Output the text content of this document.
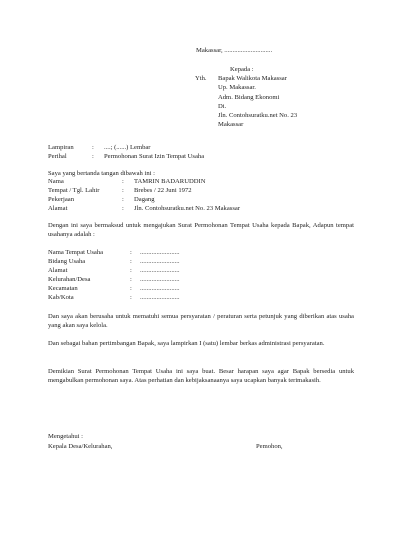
Makassar, .............................
Kepada :
Yth. Bapak Walikota Makassar
Up. Makassar.
Adm. Bidang Ekonomi
Di.
Jln. Contohsuratku.net No. 23
Makassar
Lampiran	:	....; (......) Lembar
Perihal	:	Permohonan Surat Izin Tempat Usaha
Saya yang bertanda tangan dibawah ini :
Nama	:	TAMRIN BADARUDDIN
Tempat / Tgl. Lahir	:	Brebes / 22 Juni 1972
Pekerjaan	:	Dagang
Alamat	:	Jln. Contohsuratku.net No. 23 Makassar
Dengan ini saya bermaksud untuk mengajukan Surat Permohonan Tempat Usaha kepada Bapak, Adapun tempat usahanya adalah :
Nama Tempat Usaha	:	........................
Bidang Usaha	:	........................
Alamat	:	........................
Kelurahan/Desa	:	........................
Kecamatan	:	........................
Kab/Kota	:	........................
Dan saya akan berusaha untuk mematuhi semua persyaratan / peraturan serta petunjuk yang diberikan atas usaha yang akan saya kelola.
Dan sebagai bahan pertimbangan Bapak, saya lampirkan I (satu) lembar berkas administrasi persyaratan.
Demikian Surat Permohonan Tempat Usaha ini saya buat. Besar harapan saya agar Bapak bersedia untuk mengabulkan permohonan saya. Atas perhatian dan kebijaksanaanya saya ucapkan banyak terimakasih.
Mengetahui :
Kepala Desa/Kelurahan,	Pemohon,
